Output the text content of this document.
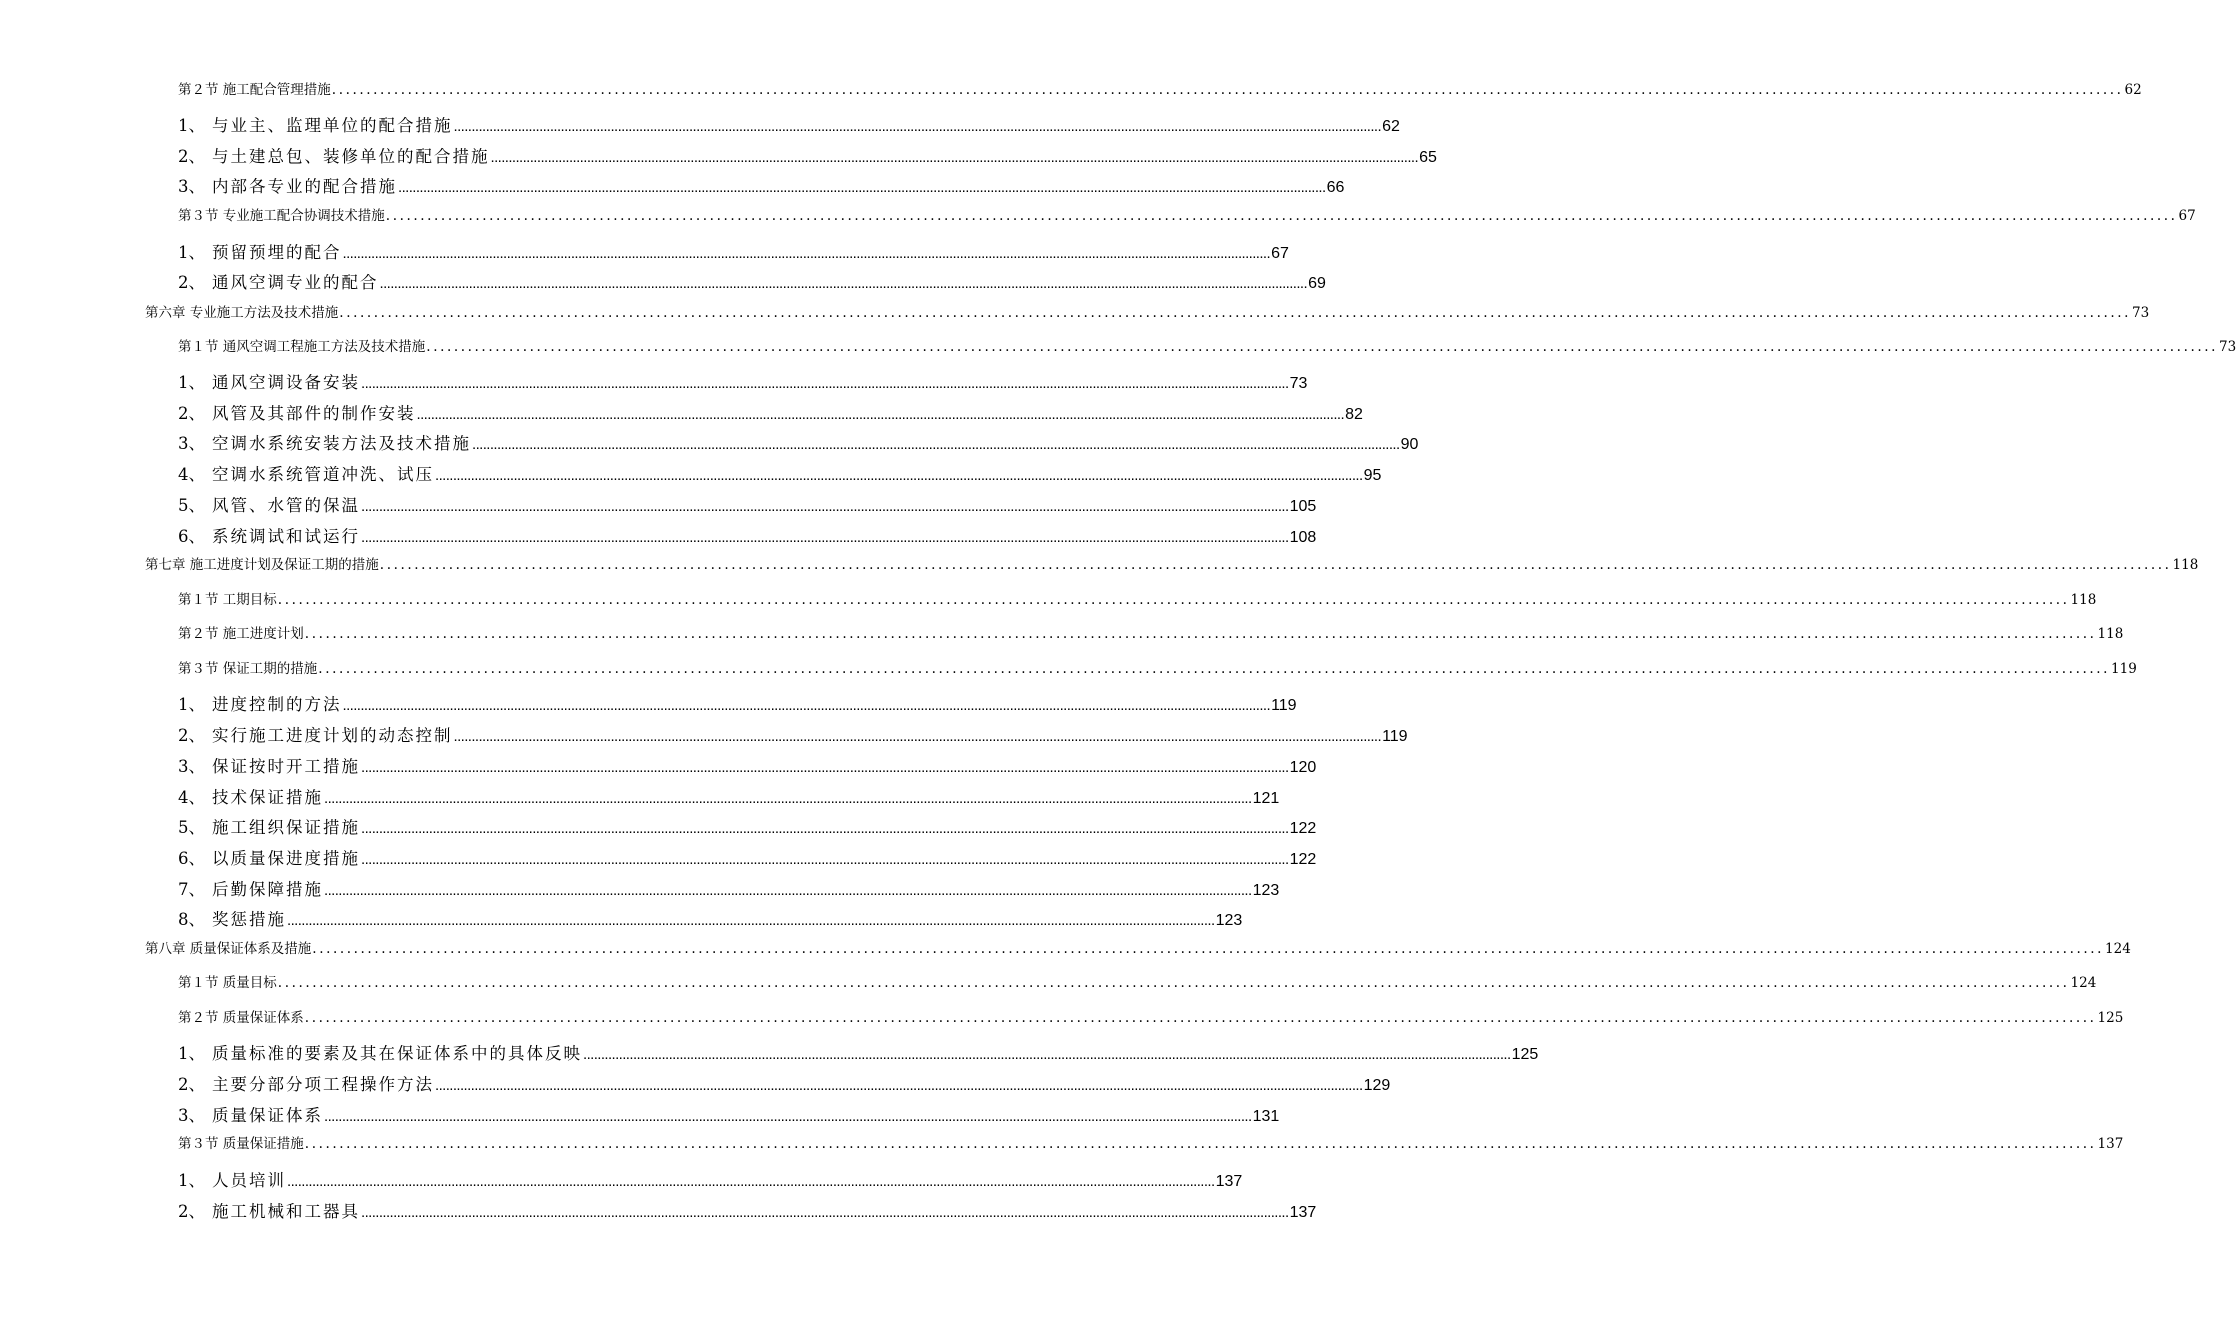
第２节 施工配合管理措施 .................................................................................................................................................................................................................................................................... 62
1、 与业主、监理单位的配合措施 .................................................................................................................................................................................................................................................................... 62
2、 与土建总包、装修单位的配合措施 .................................................................................................................................................................................................................................................................... 65
3、 内部各专业的配合措施 .................................................................................................................................................................................................................................................................... 66
第３节 专业施工配合协调技术措施 .................................................................................................................................................................................................................................................................... 67
1、 预留预埋的配合 .................................................................................................................................................................................................................................................................... 67
2、 通风空调专业的配合 .................................................................................................................................................................................................................................................................... 69
第六章 专业施工方法及技术措施 .................................................................................................................................................................................................................................................................... 73
第１节 通风空调工程施工方法及技术措施 .................................................................................................................................................................................................................................................................... 73
1、 通风空调设备安装 .................................................................................................................................................................................................................................................................... 73
2、 风管及其部件的制作安装 .................................................................................................................................................................................................................................................................... 82
3、 空调水系统安装方法及技术措施 .................................................................................................................................................................................................................................................................... 90
4、 空调水系统管道冲洗、试压 .................................................................................................................................................................................................................................................................... 95
5、 风管、水管的保温 .................................................................................................................................................................................................................................................................... 105
6、 系统调试和试运行 .................................................................................................................................................................................................................................................................... 108
第七章 施工进度计划及保证工期的措施 .................................................................................................................................................................................................................................................................... 118
第１节 工期目标 .................................................................................................................................................................................................................................................................... 118
第２节 施工进度计划 .................................................................................................................................................................................................................................................................... 118
第３节 保证工期的措施 .................................................................................................................................................................................................................................................................... 119
1、 进度控制的方法 .................................................................................................................................................................................................................................................................... 119
2、 实行施工进度计划的动态控制 .................................................................................................................................................................................................................................................................... 119
3、 保证按时开工措施 .................................................................................................................................................................................................................................................................... 120
4、 技术保证措施 .................................................................................................................................................................................................................................................................... 121
5、 施工组织保证措施 .................................................................................................................................................................................................................................................................... 122
6、 以质量保进度措施 .................................................................................................................................................................................................................................................................... 122
7、 后勤保障措施 .................................................................................................................................................................................................................................................................... 123
8、 奖惩措施 .................................................................................................................................................................................................................................................................... 123
第八章 质量保证体系及措施 .................................................................................................................................................................................................................................................................... 124
第１节 质量目标 .................................................................................................................................................................................................................................................................... 124
第２节 质量保证体系 .................................................................................................................................................................................................................................................................... 125
1、 质量标准的要素及其在保证体系中的具体反映 .................................................................................................................................................................................................................................................................... 125
2、 主要分部分项工程操作方法 .................................................................................................................................................................................................................................................................... 129
3、 质量保证体系 .................................................................................................................................................................................................................................................................... 131
第３节 质量保证措施 .................................................................................................................................................................................................................................................................... 137
1、 人员培训 .................................................................................................................................................................................................................................................................... 137
2、 施工机械和工器具 .................................................................................................................................................................................................................................................................... 137
